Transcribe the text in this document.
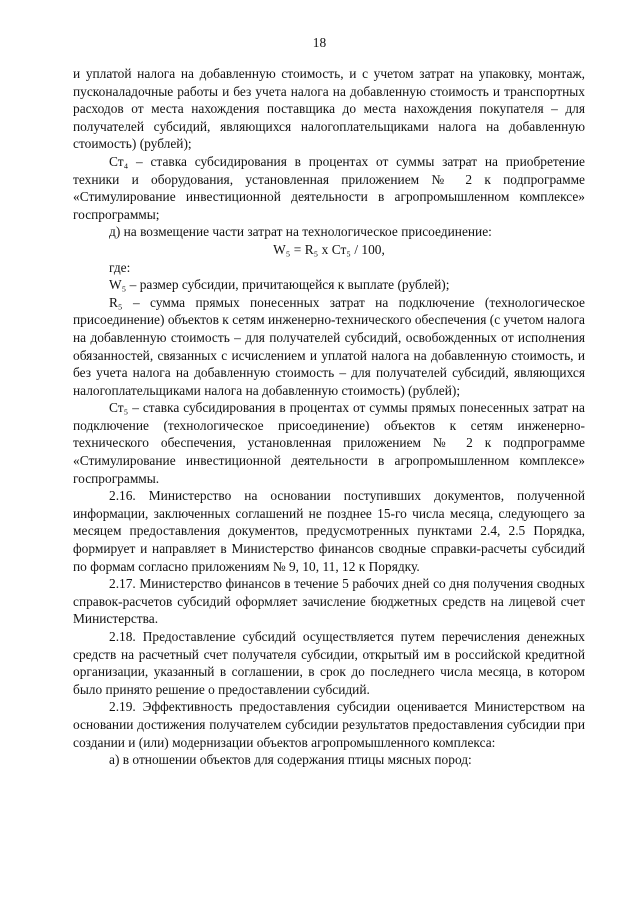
18

и уплатой налога на добавленную стоимость, и с учетом затрат на упаковку, монтаж, пусконаладочные работы и без учета налога на добавленную стоимость и транспортных расходов от места нахождения поставщика до места нахождения покупателя – для получателей субсидий, являющихся налогоплательщиками налога на добавленную стоимость) (рублей);

Ст₄ – ставка субсидирования в процентах от суммы затрат на приобретение техники и оборудования, установленная приложением № 2 к подпрограмме «Стимулирование инвестиционной деятельности в агропромышленном комплексе» госпрограммы;

д) на возмещение части затрат на технологическое присоединение:

W₅ = R₅ x Ст₅ / 100,

где:

W₅ – размер субсидии, причитающейся к выплате (рублей);

R₅ – сумма прямых понесенных затрат на подключение (технологическое присоединение) объектов к сетям инженерно-технического обеспечения (с учетом налога на добавленную стоимость – для получателей субсидий, освобожденных от исполнения обязанностей, связанных с исчислением и уплатой налога на добавленную стоимость, и без учета налога на добавленную стоимость – для получателей субсидий, являющихся налогоплательщиками налога на добавленную стоимость) (рублей);

Ст₅ – ставка субсидирования в процентах от суммы прямых понесенных затрат на подключение (технологическое присоединение) объектов к сетям инженерно-технического обеспечения, установленная приложением № 2 к подпрограмме «Стимулирование инвестиционной деятельности в агропромышленном комплексе» госпрограммы.

2.16. Министерство на основании поступивших документов, полученной информации, заключенных соглашений не позднее 15-го числа месяца, следующего за месяцем предоставления документов, предусмотренных пунктами 2.4, 2.5 Порядка, формирует и направляет в Министерство финансов сводные справки-расчеты субсидий по формам согласно приложениям № 9, 10, 11, 12 к Порядку.

2.17. Министерство финансов в течение 5 рабочих дней со дня получения сводных справок-расчетов субсидий оформляет зачисление бюджетных средств на лицевой счет Министерства.

2.18. Предоставление субсидий осуществляется путем перечисления денежных средств на расчетный счет получателя субсидии, открытый им в российской кредитной организации, указанный в соглашении, в срок до последнего числа месяца, в котором было принято решение о предоставлении субсидий.

2.19. Эффективность предоставления субсидии оценивается Министерством на основании достижения получателем субсидии результатов предоставления субсидии при создании и (или) модернизации объектов агропромышленного комплекса:

а) в отношении объектов для содержания птицы мясных пород:
